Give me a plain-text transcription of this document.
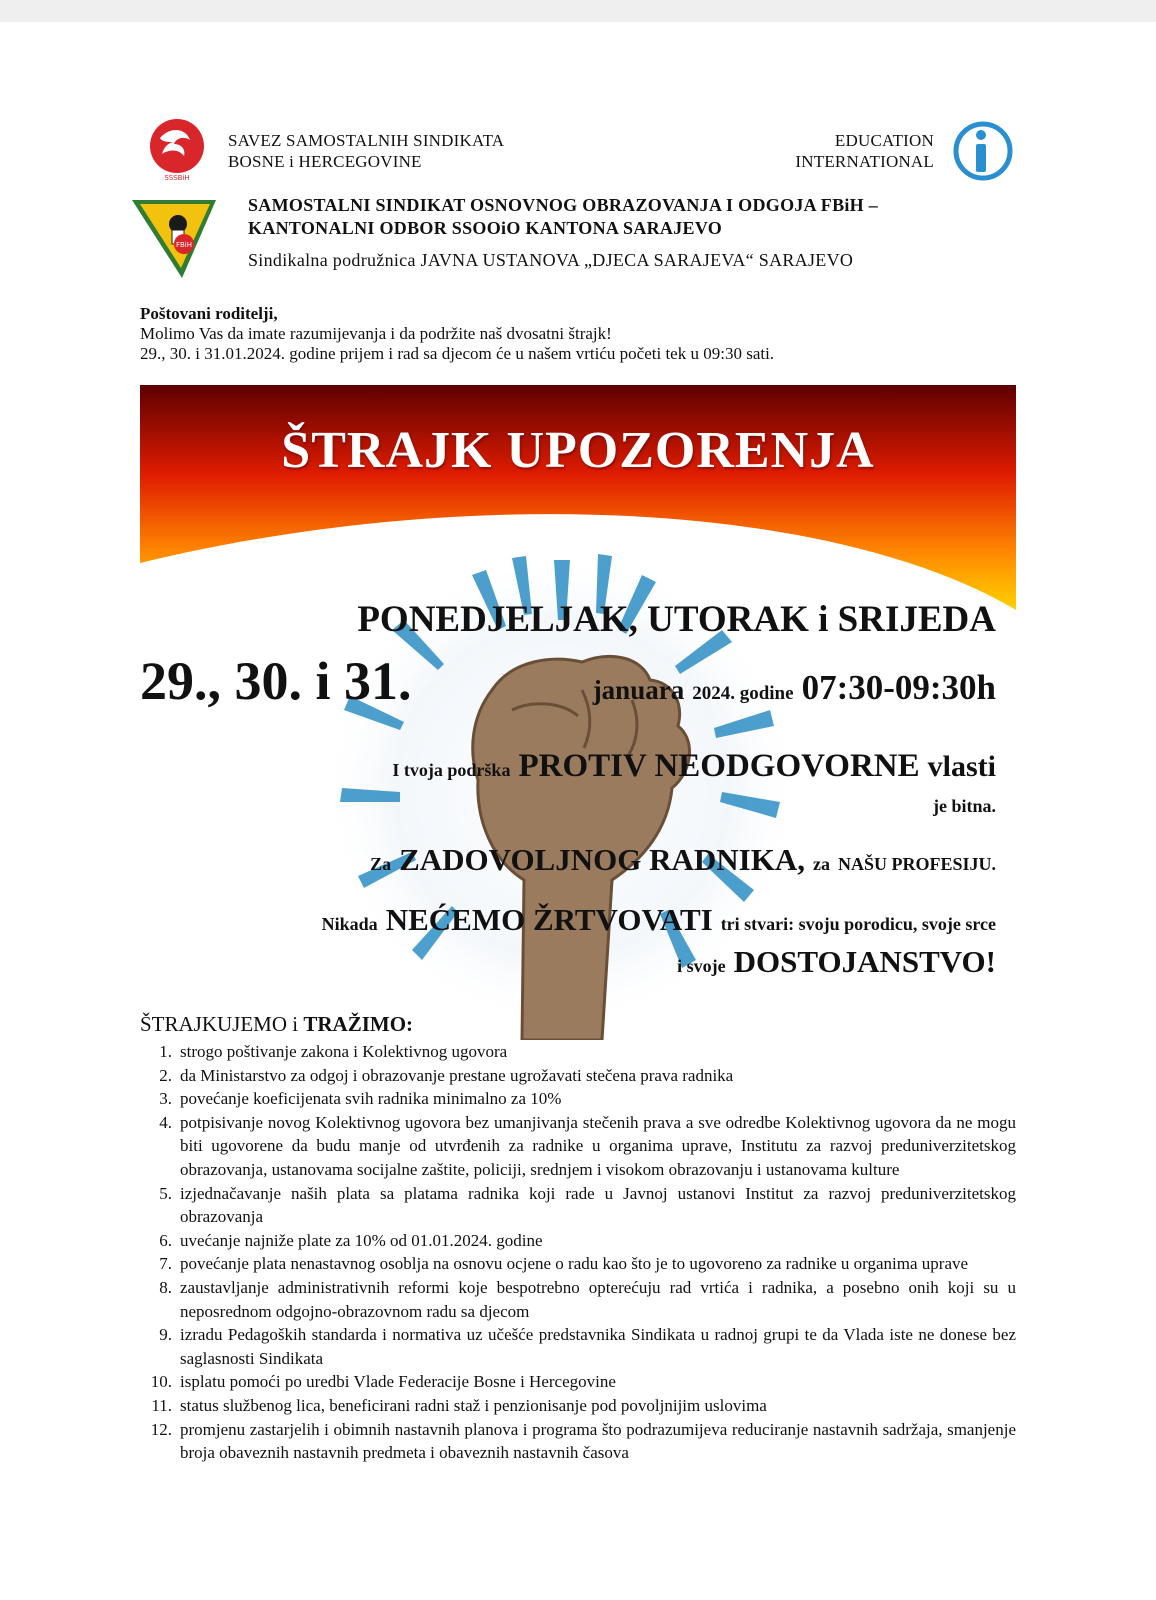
SSSBiH
SAVEZ SAMOSTALNIH SINDIKATA
BOSNE i HERCEGOVINE
EDUCATION
INTERNATIONAL
FBiH
SAMOSTALNI SINDIKAT OSNOVNOG OBRAZOVANJA I ODGOJA FBiH –
KANTONALNI ODBOR SSOOiO KANTONA SARAJEVO
Sindikalna podružnica JAVNA USTANOVA „DJECA SARAJEVA“ SARAJEVO
Poštovani roditelji,
Molimo Vas da imate razumijevanja i da podržite naš dvosatni štrajk!
29., 30. i 31.01.2024. godine prijem i rad sa djecom će u našem vrtiću početi tek u 09:30 sati.
ŠTRAJK UPOZORENJA
PONEDJELJAK, UTORAK i SRIJEDA
29., 30. i 31.	januara 2024. godine 07:30-09:30h
I tvoja podrška PROTIV NEODGOVORNE vlasti
je bitna.
Za ZADOVOLJNOG RADNIKA, za NAŠU PROFESIJU.
Nikada NEĆEMO ŽRTVOVATI tri stvari: svoju porodicu, svoje srce
i svoje DOSTOJANSTVO!
ŠTRAJKUJEMO i TRAŽIMO:
1. strogo poštivanje zakona i Kolektivnog ugovora
2. da Ministarstvo za odgoj i obrazovanje prestane ugrožavati stečena prava radnika
3. povećanje koeficijenata svih radnika minimalno za 10%
4. potpisivanje novog Kolektivnog ugovora bez umanjivanja stečenih prava a sve odredbe Kolektivnog ugovora da ne mogu biti ugovorene da budu manje od utvrđenih za radnike u organima uprave, Institutu za razvoj preduniverzitetskog obrazovanja, ustanovama socijalne zaštite, policiji, srednjem i visokom obrazovanju i ustanovama kulture
5. izjednačavanje naših plata sa platama radnika koji rade u Javnoj ustanovi Institut za razvoj preduniverzitetskog obrazovanja
6. uvećanje najniže plate za 10% od 01.01.2024. godine
7. povećanje plata nenastavnog osoblja na osnovu ocjene o radu kao što je to ugovoreno za radnike u organima uprave
8. zaustavljanje administrativnih reformi koje bespotrebno opterećuju rad vrtića i radnika, a posebno onih koji su u neposrednom odgojno-obrazovnom radu sa djecom
9. izradu Pedagoških standarda i normativa uz učešće predstavnika Sindikata u radnoj grupi te da Vlada iste ne donese bez saglasnosti Sindikata
10. isplatu pomoći po uredbi Vlade Federacije Bosne i Hercegovine
11. status službenog lica, beneficirani radni staž i penzionisanje pod povoljnijim uslovima
12. promjenu zastarjelih i obimnih nastavnih planova i programa što podrazumijeva reduciranje nastavnih sadržaja, smanjenje broja obaveznih nastavnih predmeta i obaveznih nastavnih časova
